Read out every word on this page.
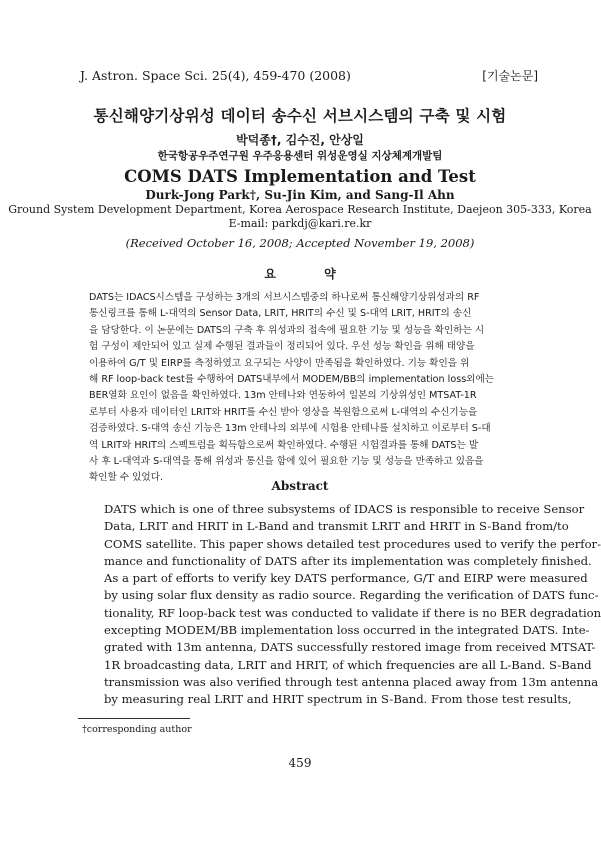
J. Astron. Space Sci. 25(4), 459-470 (2008)	[기술논문]
통신해양기상위성 데이터 송수신 서브시스템의 구축 및 시험
박덕종†, 김수진, 안상일
한국항공우주연구원 우주응용센터 위성운영실 지상체계개발팀
COMS DATS Implementation and Test
Durk-Jong Park†, Su-Jin Kim, and Sang-Il Ahn
Ground System Development Department, Korea Aerospace Research Institute, Daejeon 305-333, Korea
E-mail: parkdj@kari.re.kr
(Received October 16, 2008; Accepted November 19, 2008)
요 약
DATS는 IDACS시스템을 구성하는 3개의 서브시스템중의 하나로써 통신해양기상위성과의 RF
통신링크를 통해 L-대역의 Sensor Data, LRIT, HRIT의 수신 및 S-대역 LRIT, HRIT의 송신
을 담당한다. 이 논문에는 DATS의 구축 후 위성과의 접속에 필요한 기능 및 성능을 확인하는 시
험 구성이 제안되어 있고 실제 수행된 결과들이 정리되어 있다. 우선 성능 확인을 위해 태양을
이용하여 G/T 및 EIRP를 측정하였고 요구되는 사양이 만족됨을 확인하였다. 기능 확인을 위
해 RF loop-back test를 수행하여 DATS내부에서 MODEM/BB의 implementation loss외에는
BER열화 요인이 없음을 확인하였다. 13m 안테나와 연동하여 일본의 기상위성인 MTSAT-1R
로부터 사용자 데이터인 LRIT와 HRIT를 수신 받아 영상을 복원함으로써 L-대역의 수신기능을
검증하였다. S-대역 송신 기능은 13m 안테나의 외부에 시험용 안테나를 설치하고 이로부터 S-대
역 LRIT와 HRIT의 스펙트럼을 획득함으로써 확인하였다. 수행된 시험결과를 통해 DATS는 발
사 후 L-대역과 S-대역을 통해 위성과 통신을 함에 있어 필요한 기능 및 성능을 만족하고 있음을
확인할 수 있었다.
Abstract
DATS which is one of three subsystems of IDACS is responsible to receive Sensor
Data, LRIT and HRIT in L-Band and transmit LRIT and HRIT in S-Band from/to
COMS satellite. This paper shows detailed test procedures used to verify the perfor-
mance and functionality of DATS after its implementation was completely finished.
As a part of efforts to verify key DATS performance, G/T and EIRP were measured
by using solar flux density as radio source. Regarding the verification of DATS func-
tionality, RF loop-back test was conducted to validate if there is no BER degradation
excepting MODEM/BB implementation loss occurred in the integrated DATS. Inte-
grated with 13m antenna, DATS successfully restored image from received MTSAT-
1R broadcasting data, LRIT and HRIT, of which frequencies are all L-Band. S-Band
transmission was also verified through test antenna placed away from 13m antenna
by measuring real LRIT and HRIT spectrum in S-Band. From those test results,
†corresponding author
459
